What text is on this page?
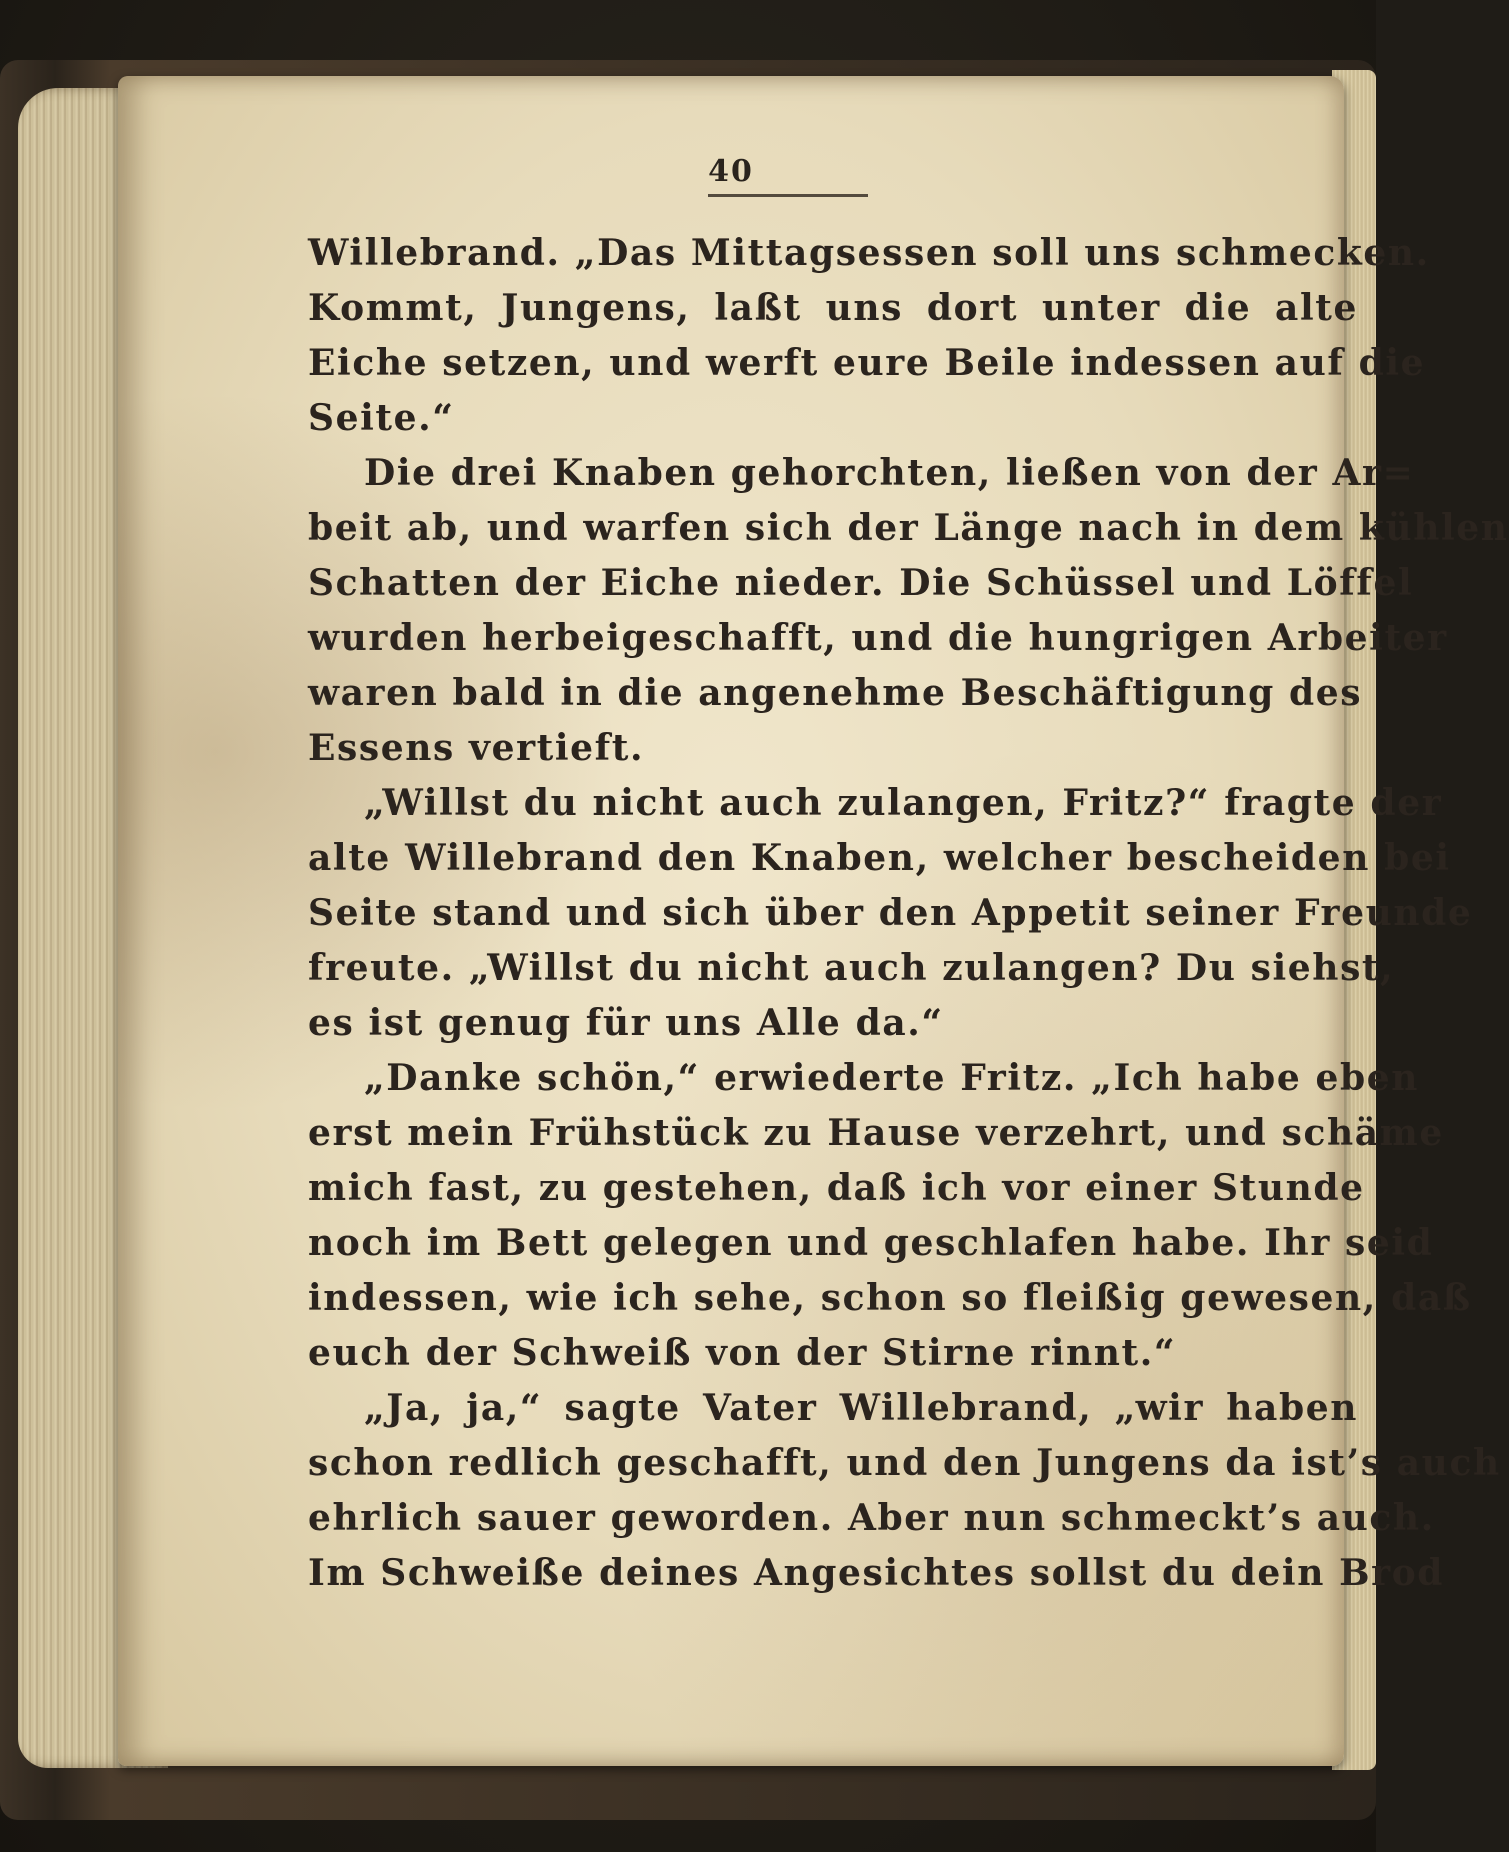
40
Willebrand. „Das Mittagsessen soll uns schmecken.
Kommt, Jungens, laßt uns dort unter die alte
Eiche setzen, und werft eure Beile indessen auf die
Seite.“
Die drei Knaben gehorchten, ließen von der Ar=
beit ab, und warfen sich der Länge nach in dem kühlen
Schatten der Eiche nieder. Die Schüssel und Löffel
wurden herbeigeschafft, und die hungrigen Arbeiter
waren bald in die angenehme Beschäftigung des
Essens vertieft.
„Willst du nicht auch zulangen, Fritz?“ fragte der
alte Willebrand den Knaben, welcher bescheiden bei
Seite stand und sich über den Appetit seiner Freunde
freute. „Willst du nicht auch zulangen? Du siehst,
es ist genug für uns Alle da.“
„Danke schön,“ erwiederte Fritz. „Ich habe eben
erst mein Frühstück zu Hause verzehrt, und schäme
mich fast, zu gestehen, daß ich vor einer Stunde
noch im Bett gelegen und geschlafen habe. Ihr seid
indessen, wie ich sehe, schon so fleißig gewesen, daß
euch der Schweiß von der Stirne rinnt.“
„Ja, ja,“ sagte Vater Willebrand, „wir haben
schon redlich geschafft, und den Jungens da ist’s auch
ehrlich sauer geworden. Aber nun schmeckt’s auch.
Im Schweiße deines Angesichtes sollst du dein Brod
